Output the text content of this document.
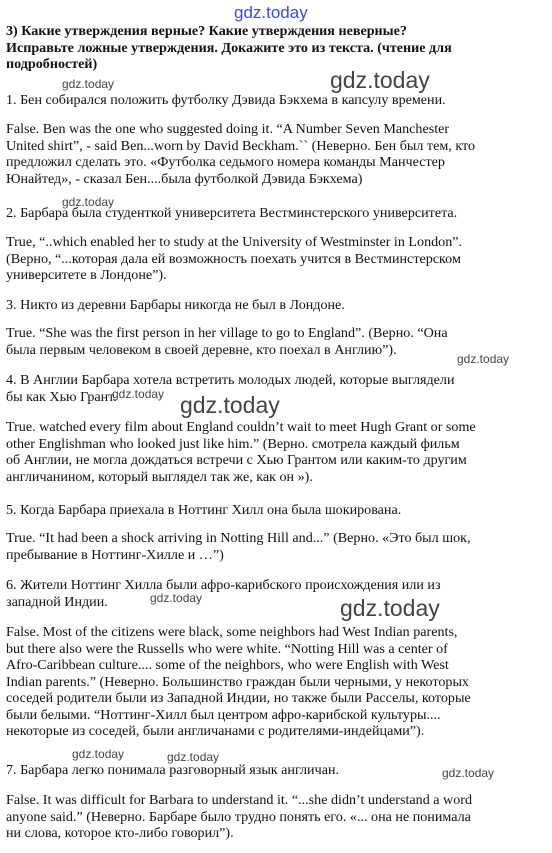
gdz.today
gdz.today
gdz.today
gdz.today
gdz.today
gdz.today gdz.today
gdz.today	gdz.today
gdz.today	gdz.today
gdz.today

3) Какие утверждения верные? Какие утверждения неверные?
Исправьте ложные утверждения. Докажите это из текста. (чтение для
подробностей)

1. Бен собирался положить футболку Дэвида Бэкхема в капсулу времени.

False. Ben was the one who suggested doing it. “A Number Seven Manchester
United shirt”, - said Ben...worn by David Beckham.`` (Неверно. Бен был тем, кто
предложил сделать это. «Футболка седьмого номера команды Манчестер
Юнайтед», - сказал Бен....была футболкой Дэвида Бэкхема)

2. Барбара была студенткой университета Вестминстерского университета.

True, “..which enabled her to study at the University of Westminster in London”.
(Верно, “...которая дала ей возможность поехать учится в Вестминстерском
университете в Лондоне”).

3. Никто из деревни Барбары никогда не был в Лондоне.

True. “She was the first person in her village to go to England”. (Верно. “Она
была первым человеком в своей деревне, кто поехал в Англию”).

4. В Англии Барбара хотела встретить молодых людей, которые выглядели
бы как Хью Грант.

True. watched every film about England couldn’t wait to meet Hugh Grant or some
other Englishman who looked just like him.” (Верно. смотрела каждый фильм
об Англии, не могла дождаться встречи с Хью Грантом или каким-то другим
англичанином, который выглядел так же, как он »).

5. Когда Барбара приехала в Ноттинг Хилл она была шокирована.

True. “It had been a shock arriving in Notting Hill and...” (Верно. «Это был шок,
пребывание в Ноттинг-Хилле и …”)

6. Жители Ноттинг Хилла были афро-карибского происхождения или из
западной Индии.

False. Most of the citizens were black, some neighbors had West Indian parents,
but there also were the Russells who were white. “Notting Hill was a center of
Afro-Caribbean culture.... some of the neighbors, who were English with West
Indian parents.” (Неверно. Большинство граждан были черными, у некоторых
соседей родители были из Западной Индии, но также были Расселы, которые
были белыми. “Ноттинг-Хилл был центром афро-карибской культуры....
некоторые из соседей, были англичанами с родителями-индейцами”).

7. Барбара легко понимала разговорный язык англичан.

False. It was difficult for Barbara to understand it. “...she didn’t understand a word
anyone said.” (Неверно. Барбаре было трудно понять его. «... она не понимала
ни слова, которое кто-либо говорил”).
